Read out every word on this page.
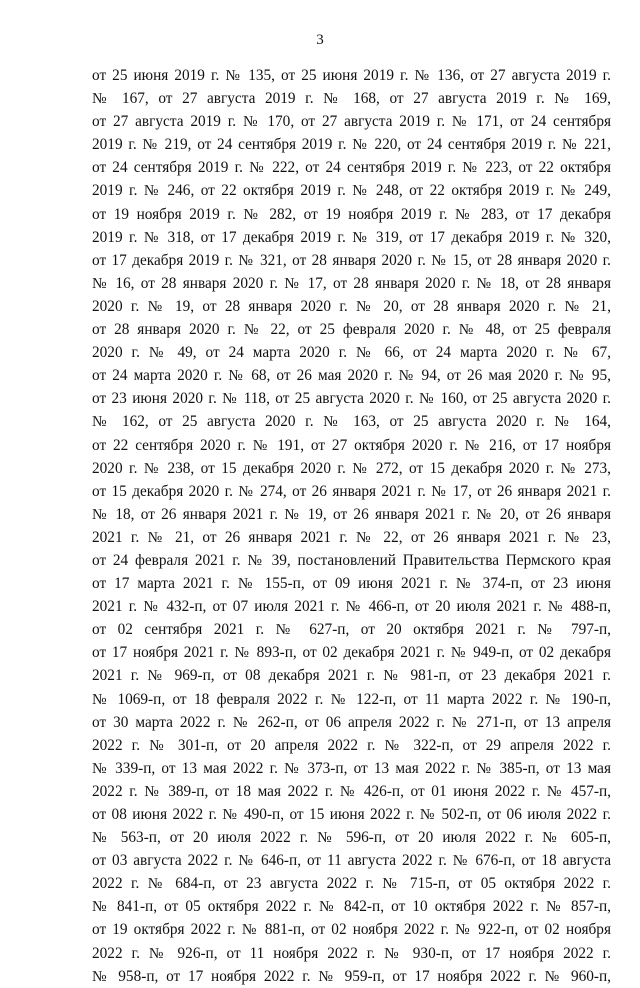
3
от 25 июня 2019 г. № 135, от 25 июня 2019 г. № 136, от 27 августа 2019 г.
№ 167, от 27 августа 2019 г. № 168, от 27 августа 2019 г. № 169,
от 27 августа 2019 г. № 170, от 27 августа 2019 г. № 171, от 24 сентября
2019 г. № 219, от 24 сентября 2019 г. № 220, от 24 сентября 2019 г. № 221,
от 24 сентября 2019 г. № 222, от 24 сентября 2019 г. № 223, от 22 октября
2019 г. № 246, от 22 октября 2019 г. № 248, от 22 октября 2019 г. № 249,
от 19 ноября 2019 г. № 282, от 19 ноября 2019 г. № 283, от 17 декабря
2019 г. № 318, от 17 декабря 2019 г. № 319, от 17 декабря 2019 г. № 320,
от 17 декабря 2019 г. № 321, от 28 января 2020 г. № 15, от 28 января 2020 г.
№ 16, от 28 января 2020 г. № 17, от 28 января 2020 г. № 18, от 28 января
2020 г. № 19, от 28 января 2020 г. № 20, от 28 января 2020 г. № 21,
от 28 января 2020 г. № 22, от 25 февраля 2020 г. № 48, от 25 февраля
2020 г. № 49, от 24 марта 2020 г. № 66, от 24 марта 2020 г. № 67,
от 24 марта 2020 г. № 68, от 26 мая 2020 г. № 94, от 26 мая 2020 г. № 95,
от 23 июня 2020 г. № 118, от 25 августа 2020 г. № 160, от 25 августа 2020 г.
№ 162, от 25 августа 2020 г. № 163, от 25 августа 2020 г. № 164,
от 22 сентября 2020 г. № 191, от 27 октября 2020 г. № 216, от 17 ноября
2020 г. № 238, от 15 декабря 2020 г. № 272, от 15 декабря 2020 г. № 273,
от 15 декабря 2020 г. № 274, от 26 января 2021 г. № 17, от 26 января 2021 г.
№ 18, от 26 января 2021 г. № 19, от 26 января 2021 г. № 20, от 26 января
2021 г. № 21, от 26 января 2021 г. № 22, от 26 января 2021 г. № 23,
от 24 февраля 2021 г. № 39, постановлений Правительства Пермского края
от 17 марта 2021 г. № 155-п, от 09 июня 2021 г. № 374-п, от 23 июня
2021 г. № 432-п, от 07 июля 2021 г. № 466-п, от 20 июля 2021 г. № 488-п,
от 02 сентября 2021 г. № 627-п, от 20 октября 2021 г. № 797-п,
от 17 ноября 2021 г. № 893-п, от 02 декабря 2021 г. № 949-п, от 02 декабря
2021 г. № 969-п, от 08 декабря 2021 г. № 981-п, от 23 декабря 2021 г.
№ 1069-п, от 18 февраля 2022 г. № 122-п, от 11 марта 2022 г. № 190-п,
от 30 марта 2022 г. № 262-п, от 06 апреля 2022 г. № 271-п, от 13 апреля
2022 г. № 301-п, от 20 апреля 2022 г. № 322-п, от 29 апреля 2022 г.
№ 339-п, от 13 мая 2022 г. № 373-п, от 13 мая 2022 г. № 385-п, от 13 мая
2022 г. № 389-п, от 18 мая 2022 г. № 426-п, от 01 июня 2022 г. № 457-п,
от 08 июня 2022 г. № 490-п, от 15 июня 2022 г. № 502-п, от 06 июля 2022 г.
№ 563-п, от 20 июля 2022 г. № 596-п, от 20 июля 2022 г. № 605-п,
от 03 августа 2022 г. № 646-п, от 11 августа 2022 г. № 676-п, от 18 августа
2022 г. № 684-п, от 23 августа 2022 г. № 715-п, от 05 октября 2022 г.
№ 841-п, от 05 октября 2022 г. № 842-п, от 10 октября 2022 г. № 857-п,
от 19 октября 2022 г. № 881-п, от 02 ноября 2022 г. № 922-п, от 02 ноября
2022 г. № 926-п, от 11 ноября 2022 г. № 930-п, от 17 ноября 2022 г.
№ 958-п, от 17 ноября 2022 г. № 959-п, от 17 ноября 2022 г. № 960-п,
